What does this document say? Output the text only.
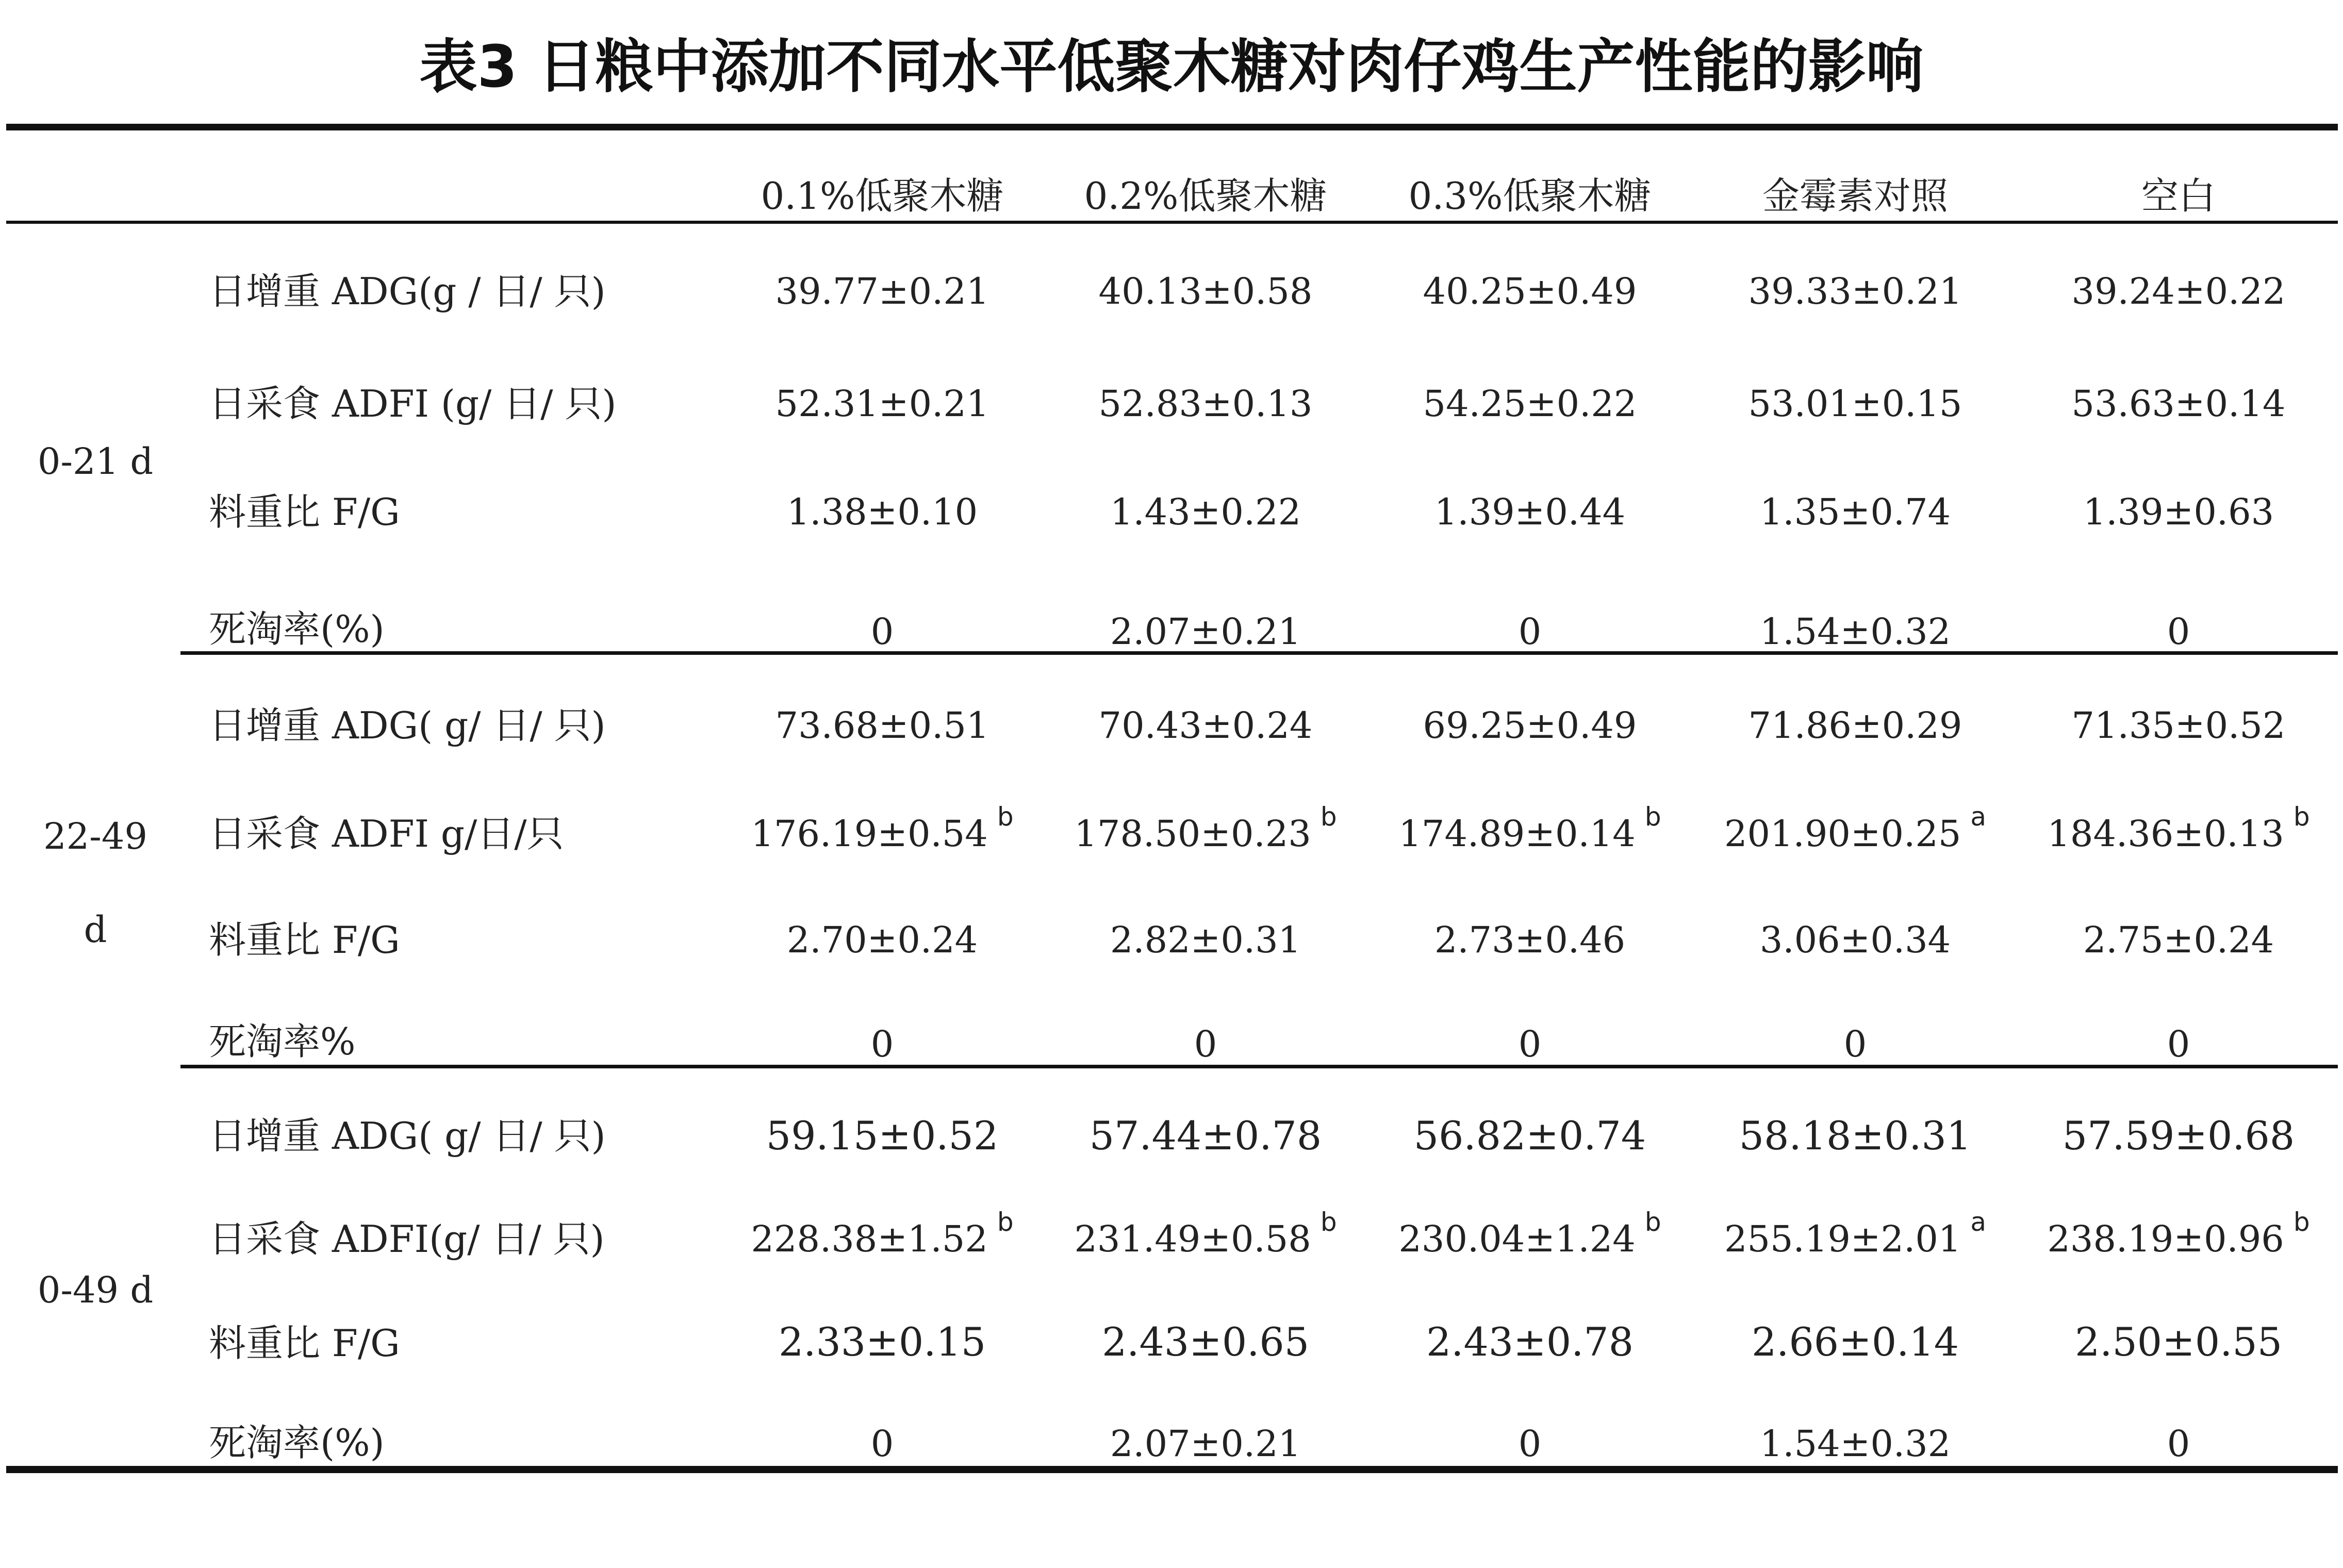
表3 日粮中添加不同水平低聚木糖对肉仔鸡生产性能的影响
0.1%低聚木糖	0.2%低聚木糖	0.3%低聚木糖	金霉素对照	空白
0-21 d
日增重 ADG(g / 日/ 只)	39.77±0.21	40.13±0.58	40.25±0.49	39.33±0.21	39.24±0.22
日采食 ADFI (g/ 日/ 只)	52.31±0.21	52.83±0.13	54.25±0.22	53.01±0.15	53.63±0.14
料重比 F/G	1.38±0.10	1.43±0.22	1.39±0.44	1.35±0.74	1.39±0.63
死淘率(%)	0	2.07±0.21	0	1.54±0.32	0
22-49
d
日增重 ADG( g/ 日/ 只)	73.68±0.51	70.43±0.24	69.25±0.49	71.86±0.29	71.35±0.52
日采食 ADFI g/日/只	176.19±0.54 $^b$	178.50±0.23 $^b$	174.89±0.14 $^b$	201.90±0.25 $^a$	184.36±0.13 $^b$
料重比 F/G	2.70±0.24	2.82±0.31	2.73±0.46	3.06±0.34	2.75±0.24
死淘率%	0	0	0	0	0
0-49 d
日增重 ADG( g/ 日/ 只)	59.15±0.52	57.44±0.78	56.82±0.74	58.18±0.31	57.59±0.68
日采食 ADFI(g/ 日/ 只)	228.38±1.52 $^b$	231.49±0.58 $^b$	230.04±1.24 $^b$	255.19±2.01 $^a$	238.19±0.96 $^b$
料重比 F/G	2.33±0.15	2.43±0.65	2.43±0.78	2.66±0.14	2.50±0.55
死淘率(%)	0	2.07±0.21	0	1.54±0.32	0
